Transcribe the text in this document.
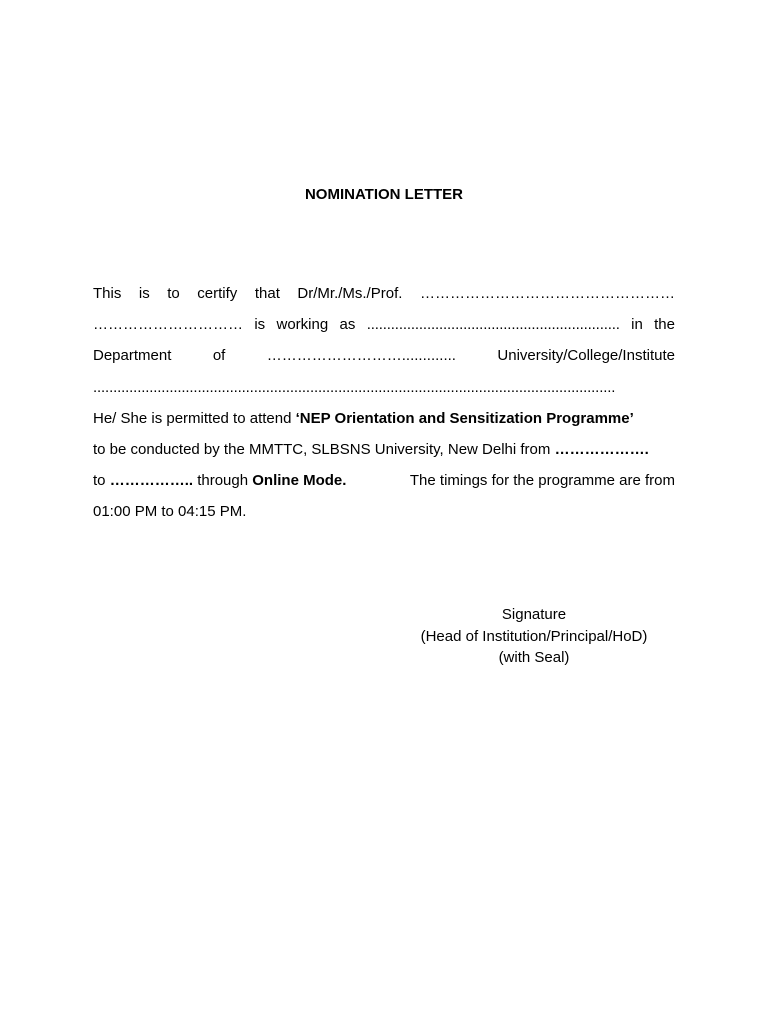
NOMINATION LETTER
This is to certify that Dr/Mr./Ms./Prof. ……………………………………………
………………………… is working as ............................................................... in the
Department	of	……………………….............	University/College/Institute
..................................................................................................................................
He/ She is permitted to attend ‘NEP Orientation and Sensitization Programme’
to be conducted by the MMTTC, SLBSNS University, New Delhi from ……………….
to …………….. through Online Mode.	The timings for the programme are from
01:00 PM to 04:15 PM.
Signature
(Head of Institution/Principal/HoD)
(with Seal)
